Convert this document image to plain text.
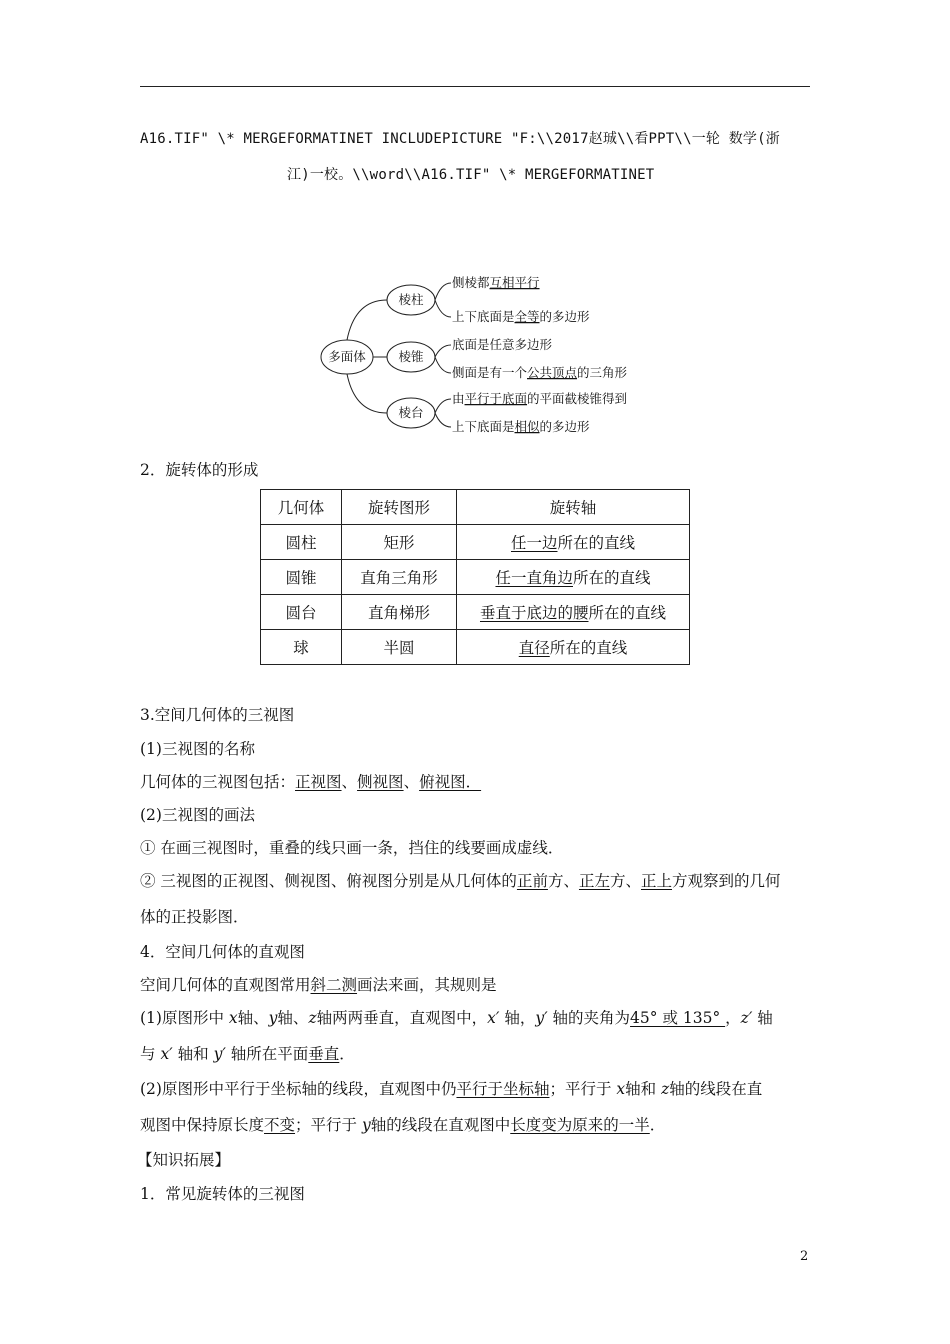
A16.TIF" \* MERGEFORMATINET INCLUDEPICTURE "F:\\2017赵珹\\看PPT\\一轮 数学(浙
江)一校。\\word\\A16.TIF" \* MERGEFORMATINET
多面体
棱柱
侧棱都互相平行
上下底面是全等的多边形
棱锥
底面是任意多边形
侧面是有一个公共顶点的三角形
棱台
由平行于底面的平面截棱锥得到
上下底面是相似的多边形
2．旋转体的形成
几何体	旋转图形	旋转轴
圆柱	矩形	任一边所在的直线
圆锥	直角三角形	任一直角边所在的直线
圆台	直角梯形	垂直于底边的腰所在的直线
球	半圆	直径所在的直线
3.空间几何体的三视图
(1)三视图的名称
几何体的三视图包括：正视图、侧视图、俯视图．
(2)三视图的画法
① 在画三视图时，重叠的线只画一条，挡住的线要画成虚线．
② 三视图的正视图、侧视图、俯视图分别是从几何体的正前方、正左方、正上方观察到的几何
体的正投影图．
4．空间几何体的直观图
空间几何体的直观图常用斜二测画法来画，其规则是
(1)原图形中 x轴、y轴、z轴两两垂直，直观图中，x′ 轴，y′ 轴的夹角为45° 或 135° ，z′ 轴
与 x′ 轴和 y′ 轴所在平面垂直．
(2)原图形中平行于坐标轴的线段，直观图中仍平行于坐标轴；平行于 x轴和 z轴的线段在直
观图中保持原长度不变；平行于 y轴的线段在直观图中长度变为原来的一半．
【知识拓展】
1．常见旋转体的三视图
2
